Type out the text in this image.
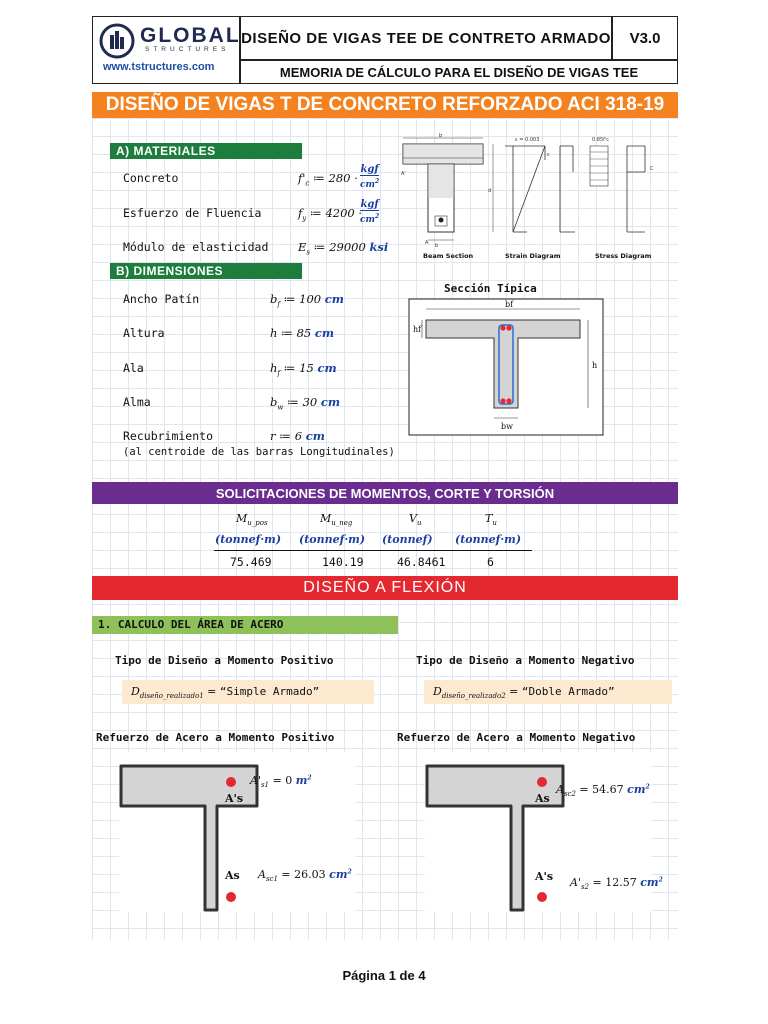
GLOBAL
STRUCTURES
www.tstructures.com
DISEÑO DE VIGAS TEE DE CONTRETO ARMADO	V3.0
MEMORIA DE CÁLCULO PARA EL DISEÑO DE VIGAS TEE
DISEÑO DE VIGAS T DE CONCRETO REFORZADO ACI 318-19
A) MATERIALES
Concreto	$f'_c$ ≔ 280 ·
kgf
$cm^2$
Esfuerzo de Fluencia	$f_y$ ≔ 4200 ·
kgf
$cm^2$
Módulo de elasticidad	$E_s$ ≔ 29000 ksi
b
b
A
A'
d
ε = 0.003
c
0.85f'c
C
Beam Section	Strain Diagram	Stress Diagram
B) DIMENSIONES
Ancho Patín	$b_f$ ≔ 100 cm
Altura	h ≔ 85 cm
Ala	$h_f$ ≔ 15 cm
Alma	$b_w$ ≔ 30 cm
Recubrimiento	r ≔ 6 cm
(al centroide de las barras Longitudinales)
Sección Típica
bf
hf
h
bw
SOLICITACIONES DE MOMENTOS, CORTE Y TORSIÓN
$M_{u\_pos}$	$M_{u\_neg}$	$V_u$	$T_u$
(tonnef·m) (tonnef·m) (tonnef) (tonnef·m)
75.469	140.19	46.8461	6
DISEÑO A FLEXIÓN
1. CALCULO DEL ÁREA DE ACERO
Tipo de Diseño a Momento Positivo	Tipo de Diseño a Momento Negativo
$D_{diseño\_realizado1}$ = “Simple Armado”	$D_{diseño\_realizado2}$ = “Doble Armado”
Refuerzo de Acero a Momento Positivo	Refuerzo de Acero a Momento Negativo
A's
As
$A'_{s1} = 0$ $m^2$
$A_{sc1} = 26.03$ $cm^2$
As
A's
$A_{sc2} = 54.67$ $cm^2$
$A'_{s2} = 12.57$ $cm^2$
Página 1 de 4
